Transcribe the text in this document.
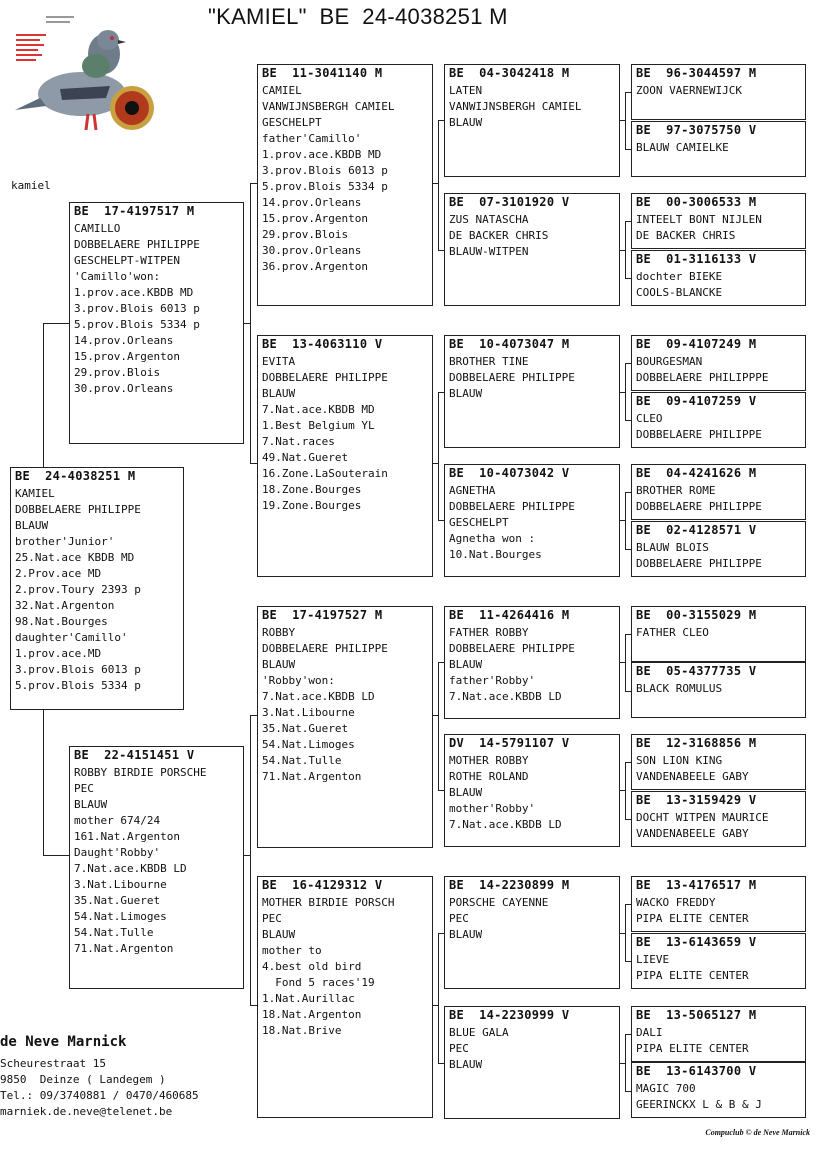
"KAMIEL"  BE  24-4038251 M
kamiel
BE  24-4038251 M
KAMIEL
DOBBELAERE PHILIPPE
BLAUW
brother'Junior'
25.Nat.ace KBDB MD
2.Prov.ace MD
2.prov.Toury 2393 p
32.Nat.Argenton
98.Nat.Bourges
daughter'Camillo'
1.prov.ace.MD
3.prov.Blois 6013 p
5.prov.Blois 5334 p
BE  17-4197517 M
CAMILLO
DOBBELAERE PHILIPPE
GESCHELPT-WITPEN
'Camillo'won:
1.prov.ace.KBDB MD
3.prov.Blois 6013 p
5.prov.Blois 5334 p
14.prov.Orleans
15.prov.Argenton
29.prov.Blois
30.prov.Orleans
BE  22-4151451 V
ROBBY BIRDIE PORSCHE
PEC
BLAUW
mother 674/24
161.Nat.Argenton
Daught'Robby'
7.Nat.ace.KBDB LD
3.Nat.Libourne
35.Nat.Gueret
54.Nat.Limoges
54.Nat.Tulle
71.Nat.Argenton
BE  11-3041140 M
CAMIEL
VANWIJNSBERGH CAMIEL
GESCHELPT
father'Camillo'
1.prov.ace.KBDB MD
3.prov.Blois 6013 p
5.prov.Blois 5334 p
14.prov.Orleans
15.prov.Argenton
29.prov.Blois
30.prov.Orleans
36.prov.Argenton
BE  13-4063110 V
EVITA
DOBBELAERE PHILIPPE
BLAUW
7.Nat.ace.KBDB MD
1.Best Belgium YL
7.Nat.races
49.Nat.Gueret
16.Zone.LaSouterain
18.Zone.Bourges
19.Zone.Bourges
BE  17-4197527 M
ROBBY
DOBBELAERE PHILIPPE
BLAUW
'Robby'won:
7.Nat.ace.KBDB LD
3.Nat.Libourne
35.Nat.Gueret
54.Nat.Limoges
54.Nat.Tulle
71.Nat.Argenton
BE  16-4129312 V
MOTHER BIRDIE PORSCH
PEC
BLAUW
mother to
4.best old bird
Fond 5 races'19
1.Nat.Aurillac
18.Nat.Argenton
18.Nat.Brive
BE  04-3042418 M
LATEN
VANWIJNSBERGH CAMIEL
BLAUW
BE  07-3101920 V
ZUS NATASCHA
DE BACKER CHRIS
BLAUW-WITPEN
BE  10-4073047 M
BROTHER TINE
DOBBELAERE PHILIPPE
BLAUW
BE  10-4073042 V
AGNETHA
DOBBELAERE PHILIPPE
GESCHELPT
Agnetha won :
10.Nat.Bourges
BE  11-4264416 M
FATHER ROBBY
DOBBELAERE PHILIPPE
BLAUW
father'Robby'
7.Nat.ace.KBDB LD
DV  14-5791107 V
MOTHER ROBBY
ROTHE ROLAND
BLAUW
mother'Robby'
7.Nat.ace.KBDB LD
BE  14-2230899 M
PORSCHE CAYENNE
PEC
BLAUW
BE  14-2230999 V
BLUE GALA
PEC
BLAUW
BE  96-3044597 M
ZOON VAERNEWIJCK
BE  97-3075750 V
BLAUW CAMIELKE
BE  00-3006533 M
INTEELT BONT NIJLEN
DE BACKER CHRIS
BE  01-3116133 V
dochter BIEKE
COOLS-BLANCKE
BE  09-4107249 M
BOURGESMAN
DOBBELAERE PHILIPPPE
BE  09-4107259 V
CLEO
DOBBELAERE PHILIPPE
BE  04-4241626 M
BROTHER ROME
DOBBELAERE PHILIPPE
BE  02-4128571 V
BLAUW BLOIS
DOBBELAERE PHILIPPE
BE  00-3155029 M
FATHER CLEO
BE  05-4377735 V
BLACK ROMULUS
BE  12-3168856 M
SON LION KING
VANDENABEELE GABY
BE  13-3159429 V
DOCHT WITPEN MAURICE
VANDENABEELE GABY
BE  13-4176517 M
WACKO FREDDY
PIPA ELITE CENTER
BE  13-6143659 V
LIEVE
PIPA ELITE CENTER
BE  13-5065127 M
DALI
PIPA ELITE CENTER
BE  13-6143700 V
MAGIC 700
GEERINCKX L & B & J
de Neve Marnick
Scheurestraat 15
9850  Deinze ( Landegem )
Tel.: 09/3740881 / 0470/460685
marniek.de.neve@telenet.be
Compuclub © de Neve Marnick
